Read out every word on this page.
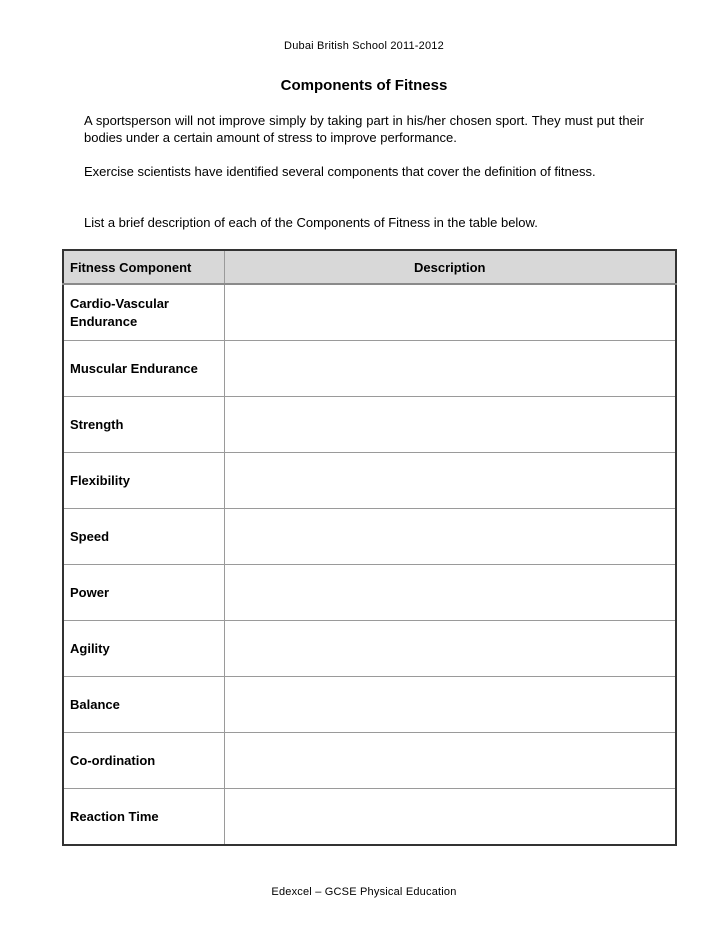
Dubai British School 2011-2012
Components of Fitness
A sportsperson will not improve simply by taking part in his/her chosen sport. They must put their bodies under a certain amount of stress to improve performance.
Exercise scientists have identified several components that cover the definition of fitness.
List a brief description of each of the Components of Fitness in the table below.
Fitness Component	Description
Cardio-Vascular Endurance	
Muscular Endurance	
Strength	
Flexibility	
Speed	
Power	
Agility	
Balance	
Co-ordination	
Reaction Time	
Edexcel – GCSE Physical Education
